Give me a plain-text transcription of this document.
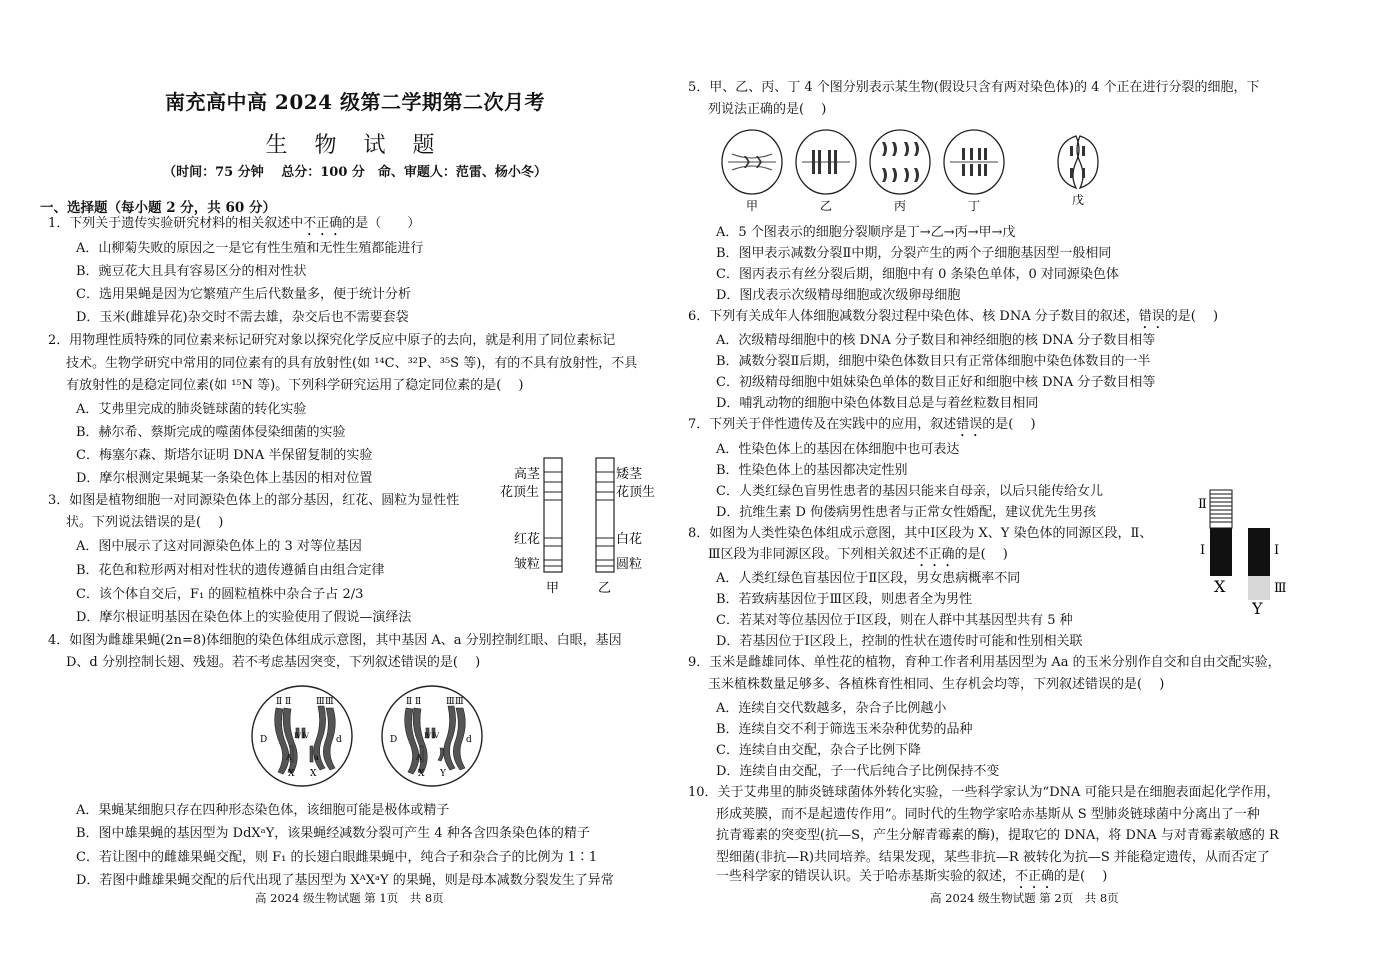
南充高中高 2024 级第二学期第二次月考
生 物 试 题
（时间：75 分钟　 总分：100 分　命、审题人：范雷、杨小冬）
一、选择题（每小题 2 分，共 60 分）
1．下列关于遗传实验研究材料的相关叙述中不正确的是（　　）
A．山柳菊失败的原因之一是它有性生殖和无性生殖都能进行
B．豌豆花大且具有容易区分的相对性状
C．选用果蝇是因为它繁殖产生后代数量多，便于统计分析
D．玉米(雌雄异花)杂交时不需去雄，杂交后也不需要套袋
2．用物理性质特殊的同位素来标记研究对象以探究化学反应中原子的去向，就是利用了同位素标记
技术。生物学研究中常用的同位素有的具有放射性(如 ¹⁴C、³²P、³⁵S 等)，有的不具有放射性，不具
有放射性的是稳定同位素(如 ¹⁵N 等)。下列科学研究运用了稳定同位素的是(　 )
A．艾弗里完成的肺炎链球菌的转化实验
B．赫尔希、蔡斯完成的噬菌体侵染细菌的实验
C．梅塞尔森、斯塔尔证明 DNA 半保留复制的实验
D．摩尔根测定果蝇某一条染色体上基因的相对位置
3．如图是植物细胞一对同源染色体上的部分基因，红花、圆粒为显性性
状。下列说法错误的是(　 )
A．图中展示了这对同源染色体上的 3 对等位基因
B．花色和粒形两对相对性状的遗传遵循自由组合定律
C．该个体自交后，F₁ 的圆粒植株中杂合子占 2/3
D．摩尔根证明基因在染色体上的实验使用了假说—演绎法
高茎
花顶生
红花
皱粒
矮茎
花顶生
白花
圆粒
甲	乙
4．如图为雌雄果蝇(2n=8)体细胞的染色体组成示意图，其中基因 A、a 分别控制红眼、白眼，基因
D、d 分别控制长翅、残翅。若不考虑基因突变，下列叙述错误的是(　 )
Ⅱ Ⅱ	Ⅲ Ⅲ
Ⅳ Ⅳ
D	d
A	a
X X
Ⅱ Ⅱ	Ⅲ Ⅲ
Ⅳ Ⅳ
D	d
A
X Y
A．果蝇某细胞只存在四种形态染色体，该细胞可能是极体或精子
B．图中雄果蝇的基因型为 DdXᵃY，该果蝇经减数分裂可产生 4 种各含四条染色体的精子
C．若让图中的雌雄果蝇交配，则 F₁ 的长翅白眼雌果蝇中，纯合子和杂合子的比例为 1∶1
D．若图中雌雄果蝇交配的后代出现了基因型为 XᴬXᵃY 的果蝇，则是母本减数分裂发生了异常
高 2024 级生物试题 第 1页　共 8页
5．甲、乙、丙、丁 4 个图分别表示某生物(假设只含有两对染色体)的 4 个正在进行分裂的细胞，下
列说法正确的是(　 )
甲	乙	丙	丁	戊
A．5 个图表示的细胞分裂顺序是丁→乙→丙→甲→戊
B．图甲表示减数分裂Ⅱ中期，分裂产生的两个子细胞基因型一般相同
C．图丙表示有丝分裂后期，细胞中有 0 条染色单体，0 对同源染色体
D．图戊表示次级精母细胞或次级卵母细胞
6．下列有关成年人体细胞减数分裂过程中染色体、核 DNA 分子数目的叙述，错误的是(　 )
A．次级精母细胞中的核 DNA 分子数目和神经细胞的核 DNA 分子数目相等
B．减数分裂Ⅱ后期，细胞中染色体数目只有正常体细胞中染色体数目的一半
C．初级精母细胞中姐妹染色单体的数目正好和细胞中核 DNA 分子数目相等
D．哺乳动物的细胞中染色体数目总是与着丝粒数目相同
7．下列关于伴性遗传及在实践中的应用，叙述错误的是(　 )
A．性染色体上的基因在体细胞中也可表达
B．性染色体上的基因都决定性别
C．人类红绿色盲男性患者的基因只能来自母亲，以后只能传给女儿
D．抗维生素 D 佝偻病男性患者与正常女性婚配，建议优先生男孩
8．如图为人类性染色体组成示意图，其中Ⅰ区段为 X、Y 染色体的同源区段，Ⅱ、
Ⅲ区段为非同源区段。下列相关叙述不正确的是(　 )
A．人类红绿色盲基因位于Ⅱ区段，男女患病概率不同
B．若致病基因位于Ⅲ区段，则患者全为男性
C．若某对等位基因位于Ⅰ区段，则在人群中其基因型共有 5 种
D．若基因位于Ⅰ区段上，控制的性状在遗传时可能和性别相关联
Ⅱ
Ⅰ	Ⅰ
Ⅲ
X
Y
9．玉米是雌雄同体、单性花的植物，育种工作者利用基因型为 Aa 的玉米分别作自交和自由交配实验，
玉米植株数量足够多、各植株育性相同、生存机会均等，下列叙述错误的是(　 )
A．连续自交代数越多，杂合子比例越小
B．连续自交不利于筛选玉米杂种优势的品种
C．连续自由交配，杂合子比例下降
D．连续自由交配，子一代后纯合子比例保持不变
10．关于艾弗里的肺炎链球菌体外转化实验，一些科学家认为“DNA 可能只是在细胞表面起化学作用，
形成荚膜，而不是起遗传作用”。同时代的生物学家哈赤基斯从 S 型肺炎链球菌中分离出了一种
抗青霉素的突变型(抗—S，产生分解青霉素的酶)，提取它的 DNA，将 DNA 与对青霉素敏感的 R
型细菌(非抗—R)共同培养。结果发现，某些非抗—R 被转化为抗—S 并能稳定遗传，从而否定了
一些科学家的错误认识。关于哈赤基斯实验的叙述，不正确的是(　 )
高 2024 级生物试题 第 2页　共 8页
